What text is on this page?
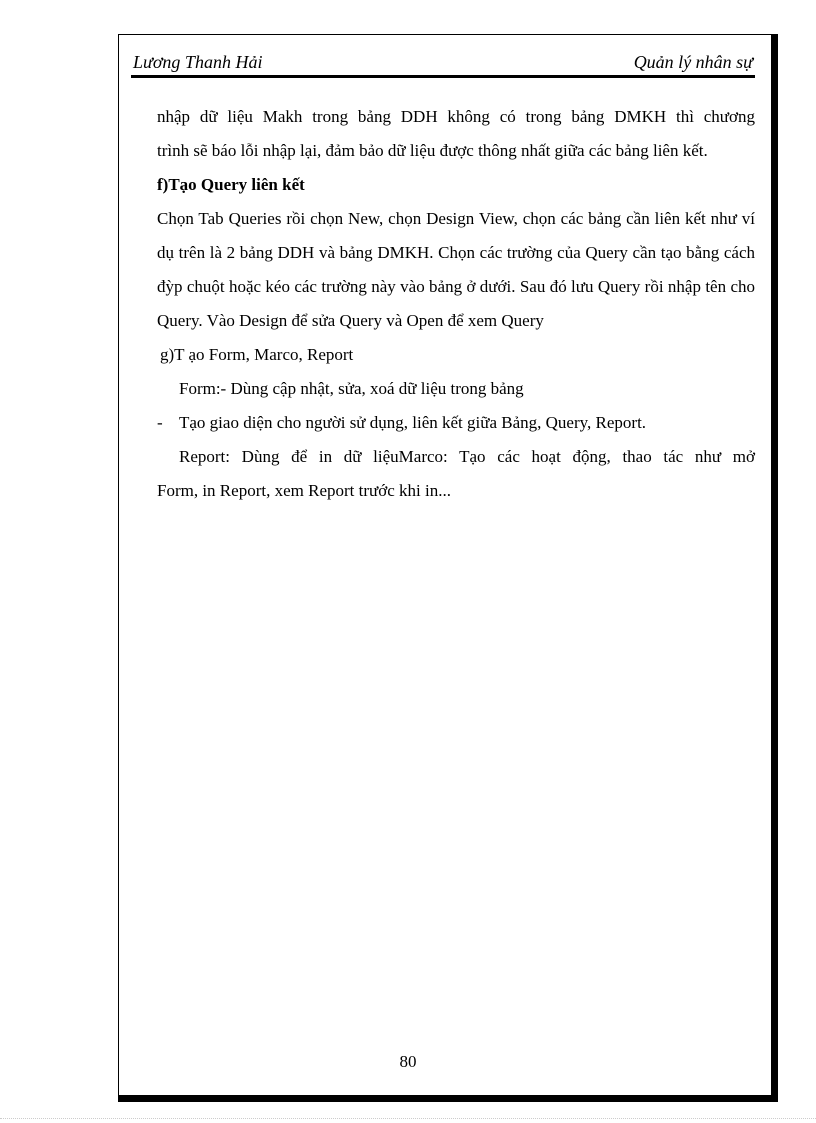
Lương Thanh Hải	Quản lý nhân sự

nhập dữ liệu Makh trong bảng DDH không có trong bảng DMKH thì chương

trình sẽ báo lỗi nhập lại, đảm bảo dữ liệu được thông nhất giữa các bảng liên kết.

f)Tạo Query liên kết

Chọn Tab Queries rồi chọn New, chọn Design View, chọn các bảng cần liên kết như ví dụ trên là 2 bảng DDH và bảng DMKH. Chọn các trường của Query cần tạo bằng cách đỳp chuột hoặc kéo các trường này vào bảng ở dưới. Sau đó lưu Query rồi nhập tên cho Query. Vào Design để sửa Query và Open để xem Query

g)T ạo Form, Marco, Report

Form:- Dùng cập nhật, sửa, xoá dữ liệu trong bảng

- Tạo giao diện cho người sử dụng, liên kết giữa Bảng, Query, Report.

Report: Dùng để in dữ liệuMarco: Tạo các hoạt động, thao tác như mở

Form, in Report, xem Report trước khi in...

80
